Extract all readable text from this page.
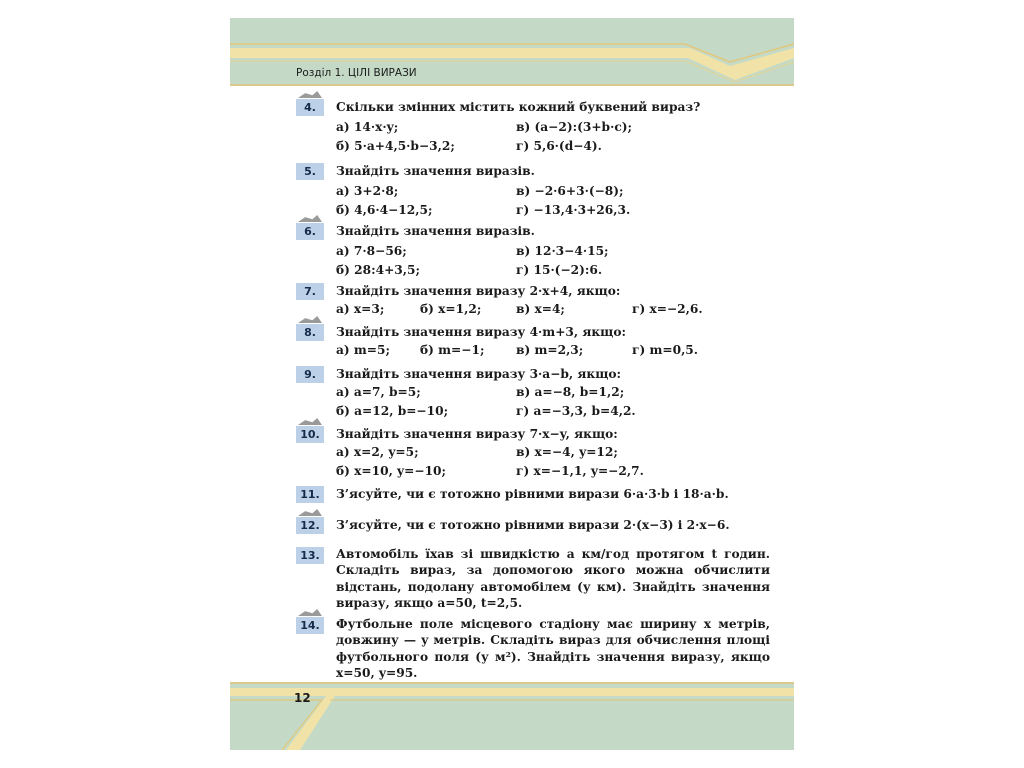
Розділ 1. ЦІЛІ ВИРАЗИ
4.	Скільки змінних містить кожний буквений вираз?
а) 14·x·y;	в) (a−2):(3+b·c);
б) 5·a+4,5·b−3,2;	г) 5,6·(d−4).
5.	Знайдіть значення виразів.
а) 3+2·8;	в) −2·6+3·(−8);
б) 4,6·4−12,5;	г) −13,4·3+26,3.
6.	Знайдіть значення виразів.
а) 7·8−56;	в) 12·3−4·15;
б) 28:4+3,5;	г) 15·(−2):6.
7.	Знайдіть значення виразу 2·x+4, якщо:
а) x=3;	б) x=1,2;	в) x=4;	г) x=−2,6.
8.	Знайдіть значення виразу 4·m+3, якщо:
а) m=5; б) m=−1;	в) m=2,3;	г) m=0,5.
9.	Знайдіть значення виразу 3·a−b, якщо:
а) a=7, b=5;	в) a=−8, b=1,2;
б) a=12, b=−10;	г) a=−3,3, b=4,2.
10.	Знайдіть значення виразу 7·x−y, якщо:
а) x=2, y=5;	в) x=−4, y=12;
б) x=10, y=−10;	г) x=−1,1, y=−2,7.
11.	З’ясуйте, чи є тотожно рівними вирази 6·a·3·b і 18·a·b.
12.	З’ясуйте, чи є тотожно рівними вирази 2·(x−3) і 2·x−6.
13.	Автомобіль їхав зі швидкістю a км/год протягом t годин. Складіть вираз, за допомогою якого можна обчислити відстань, подолану автомобілем (у км). Знайдіть значення виразу, якщо a=50, t=2,5.
14.	Футбольне поле місцевого стадіону має ширину x метрів, довжину — y метрів. Складіть вираз для обчислення площі футбольного поля (у м²). Знайдіть значення виразу, якщо x=50, y=95.
12
